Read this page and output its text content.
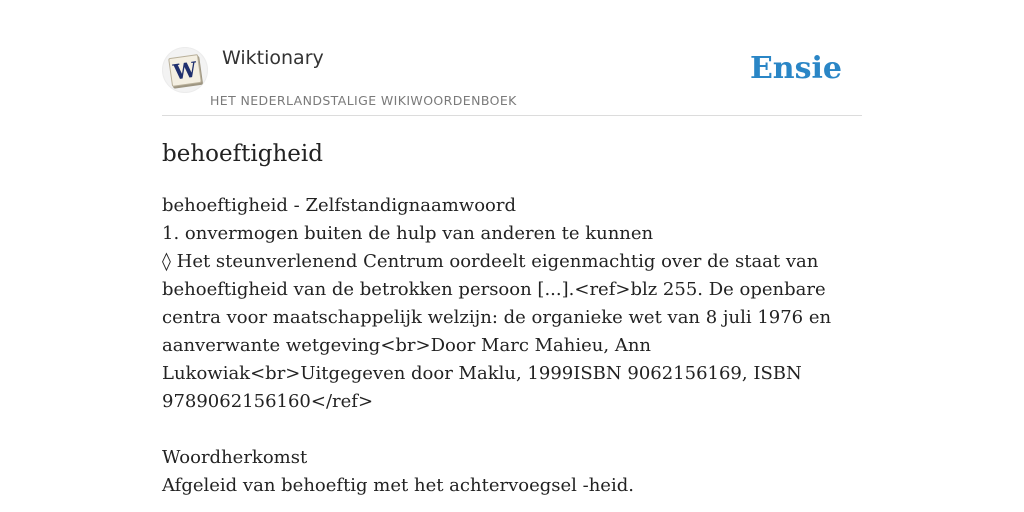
W Wiktionary
HET NEDERLANDSTALIGE WIKIWOORDENBOEK
Ensie
behoeftigheid

behoeftigheid - Zelfstandignaamwoord

1. onvermogen buiten de hulp van anderen te kunnen

◊ Het steunverlenend Centrum oordeelt eigenmachtig over de staat van behoeftigheid van de betrokken persoon [...].<ref>blz 255. De openbare centra voor maatschappelijk welzijn: de organieke wet van 8 juli 1976 en aanverwante wetgeving<br>Door Marc Mahieu, Ann Lukowiak<br>Uitgegeven door Maklu, 1999ISBN 9062156169, ISBN 9789062156160</ref>

Woordherkomst

Afgeleid van behoeftig met het achtervoegsel -heid.
